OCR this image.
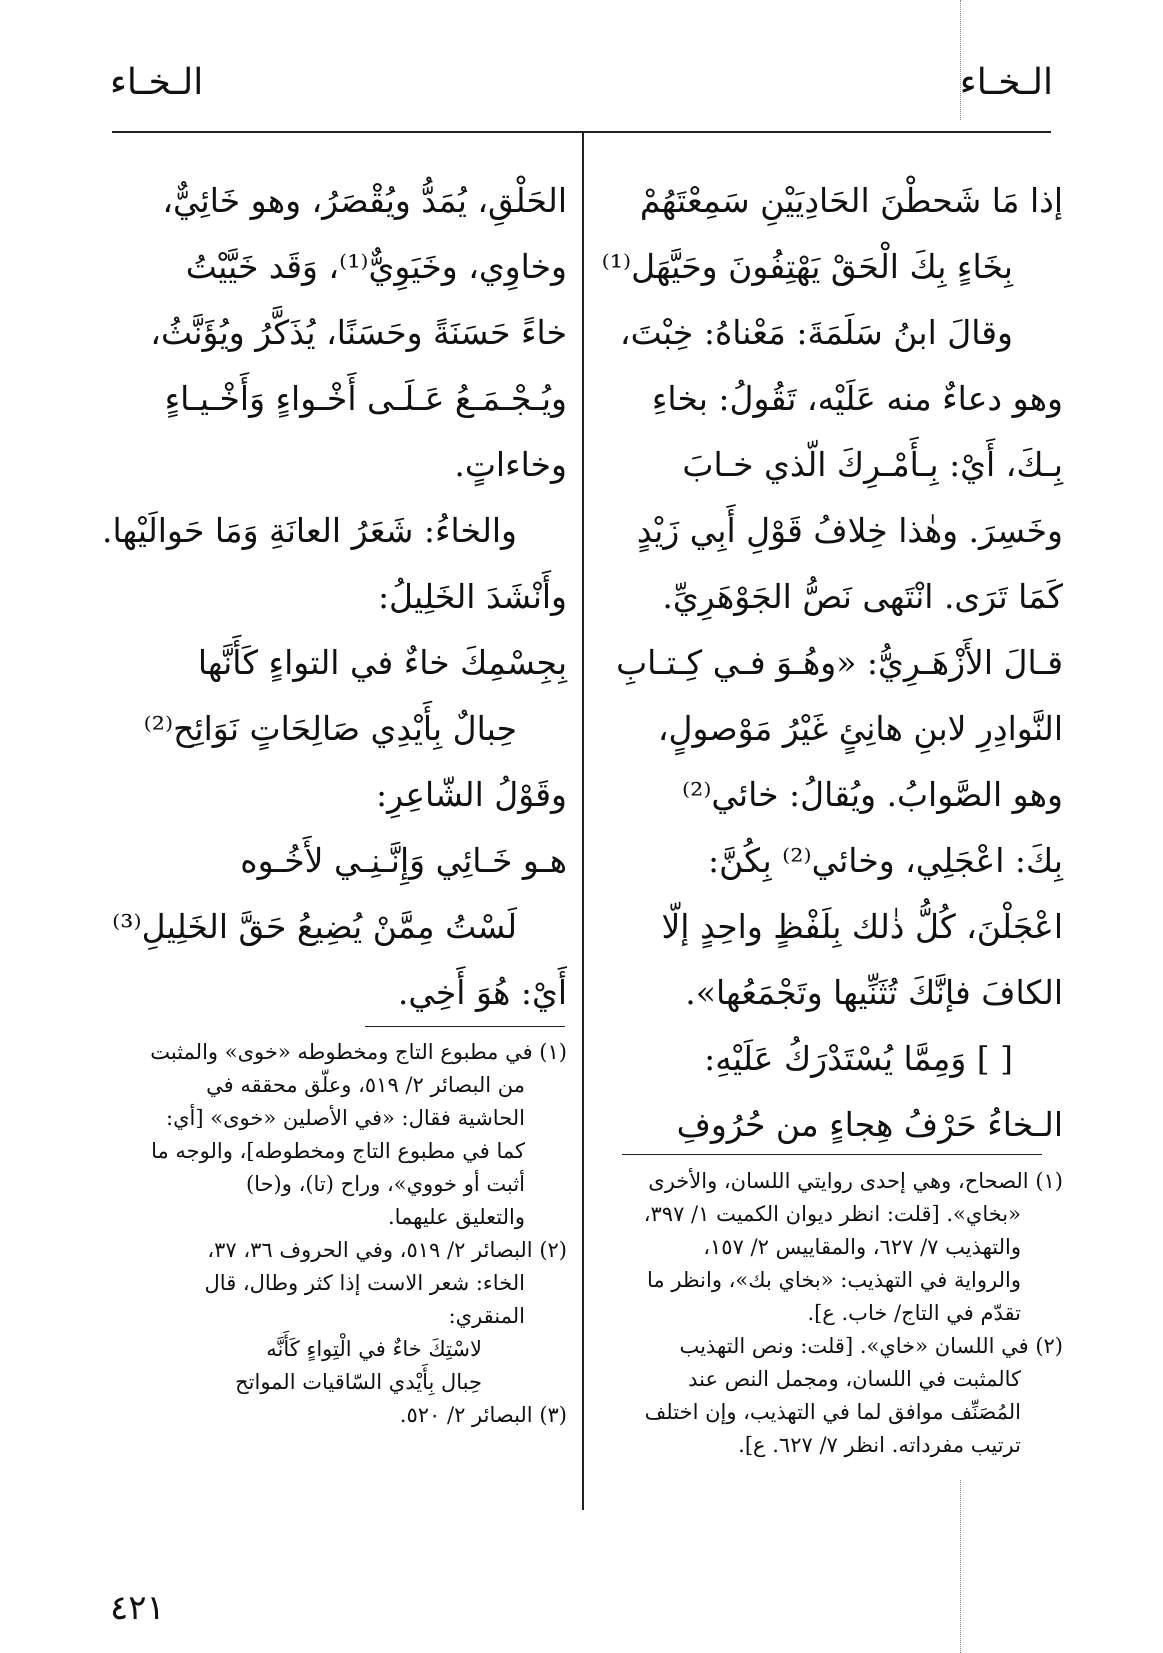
الـخـاء	الـخـاء
إذا مَا شَحطْنَ الحَادِيَيْنِ سَمِعْتَهُمْ
بِخَاءٍ بِكَ الْحَقْ يَهْتِفُونَ وحَيَّهَل⁽¹⁾
وقالَ ابنُ سَلَمَةَ: مَعْناهُ: خِبْتَ،
وهو دعاءٌ منه عَلَيْه، تَقُولُ: بخاءِ
بِـكَ، أَيْ: بِـأَمْـرِكَ الّذي خـابَ
وخَسِرَ. وهٰذا خِلافُ قَوْلِ أَبِي زَيْدٍ
كَمَا تَرَى. انْتَهى نَصُّ الجَوْهَرِيِّ.
قـالَ الأَزْهَـرِيُّ: «وهُـوَ فـي كِـتـابِ
النَّوادِرِ لابنِ هانِئٍ غَيْرُ مَوْصولٍ،
وهو الصَّوابُ. ويُقالُ: خائي⁽²⁾
بِكَ: اعْجَلِي، وخائي⁽²⁾ بِكُنَّ:
اعْجَلْنَ، كُلُّ ذٰلك بِلَفْظٍ واحِدٍ إلّا
الكافَ فإنَّكَ تُثَنِّيها وتَجْمَعُها».
[ ] وَمِمَّا يُسْتَدْرَكُ عَلَيْهِ:
الـخاءُ حَرْفُ هِجاءٍ من حُرُوفِ
الحَلْقِ، يُمَدُّ ويُقْصَرُ، وهو خَائِيٌّ،
وخاوِي، وخَيَوِيٌّ⁽¹⁾، وَقَد خَيَّيْتُ
خاءً حَسَنَةً وحَسَنًا، يُذَكَّرُ ويُؤَنَّثُ،
ويُـجْـمَـعُ عَـلَـى أَخْـواءٍ وَأَخْـيـاءٍ
وخاءاتٍ.
والخاءُ: شَعَرُ العانَةِ وَمَا حَوالَيْها.
وأَنْشَدَ الخَلِيلُ:
بِجِسْمِكَ خاءٌ في التواءٍ كَأَنَّها
حِبالٌ بِأَيْدِي صَالِحَاتٍ نَوَائِح⁽²⁾
وقَوْلُ الشّاعِرِ:
هـو خَـائِي وَإِنَّـنِـي لأَخُـوه
لَسْتُ مِمَّنْ يُضِيعُ حَقَّ الخَلِيلِ⁽³⁾
أَيْ: هُوَ أَخِي.
(١) الصحاح، وهي إحدى روايتي اللسان، والأخرى
«بخاي». [قلت: انظر ديوان الكميت ١/ ٣٩٧،
والتهذيب ٧/ ٦٢٧، والمقاييس ٢/ ١٥٧،
والرواية في التهذيب: «بخاي بك»، وانظر ما
تقدّم في التاج/ خاب. ع].
(٢) في اللسان «خاي». [قلت: ونص التهذيب
كالمثبت في اللسان، ومجمل النص عند
المُصَنِّف موافق لما في التهذيب، وإن اختلف
ترتيب مفرداته. انظر ٧/ ٦٢٧. ع].
(١) في مطبوع التاج ومخطوطه «خوى» والمثبت
من البصائر ٢/ ٥١٩، وعلّق محققه في
الحاشية فقال: «في الأصلين «خوى» [أي:
كما في مطبوع التاج ومخطوطه]، والوجه ما
أثبت أو خووي»، وراح (تا)، و(حا)
والتعليق عليهما.
(٢) البصائر ٢/ ٥١٩، وفي الحروف ٣٦، ٣٧،
الخاء: شعر الاست إذا كثر وطال، قال
المنقري:
لاسْتِكَ خاءٌ في الْتِواءٍ كَأَنَّه
حِبال بِأَيْدي السّاقيات المواتح
(٣) البصائر ٢/ ٥٢٠.
٤٢١
